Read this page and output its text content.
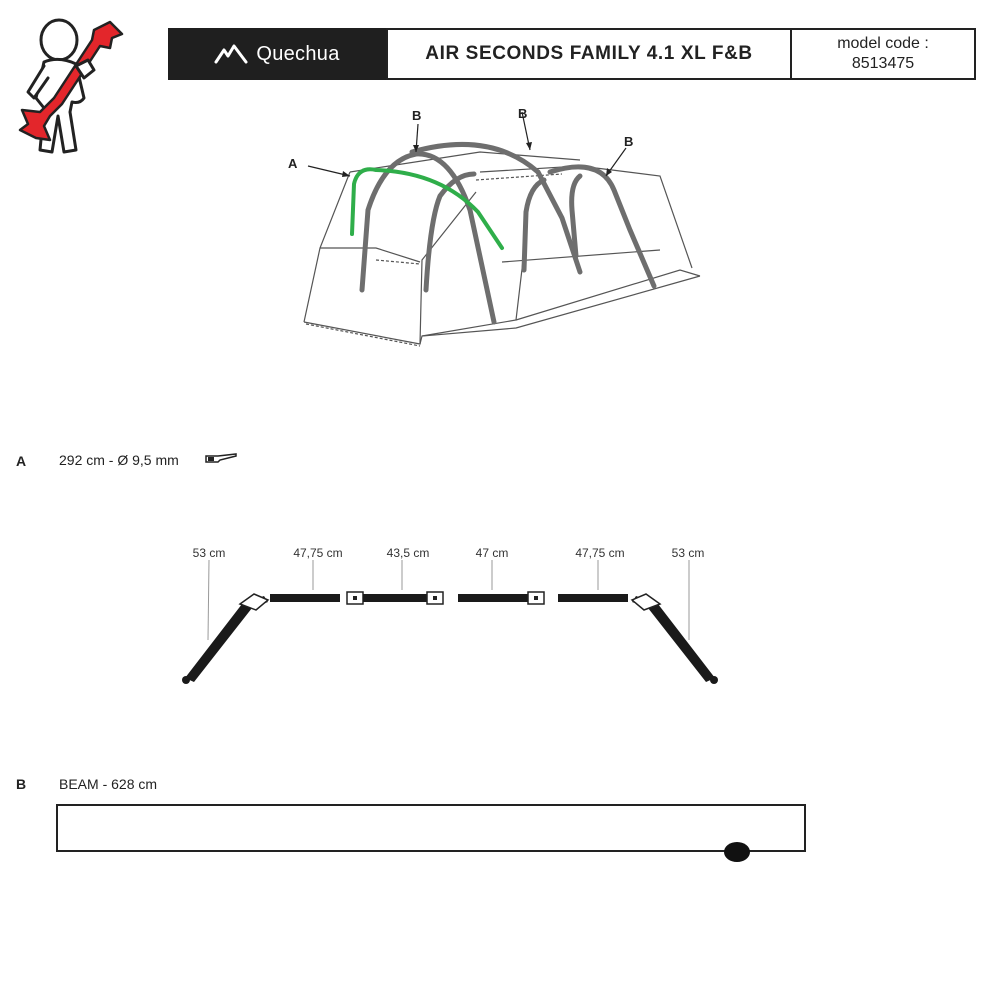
Quechua	AIR SECONDS FAMILY 4.1 XL F&B	model code :
8513475
A
B	B
B
A 292 cm - Ø 9,5 mm
53 cm	47,75 cm	43,5 cm	47 cm	47,75 cm	53 cm
B BEAM - 628 cm
